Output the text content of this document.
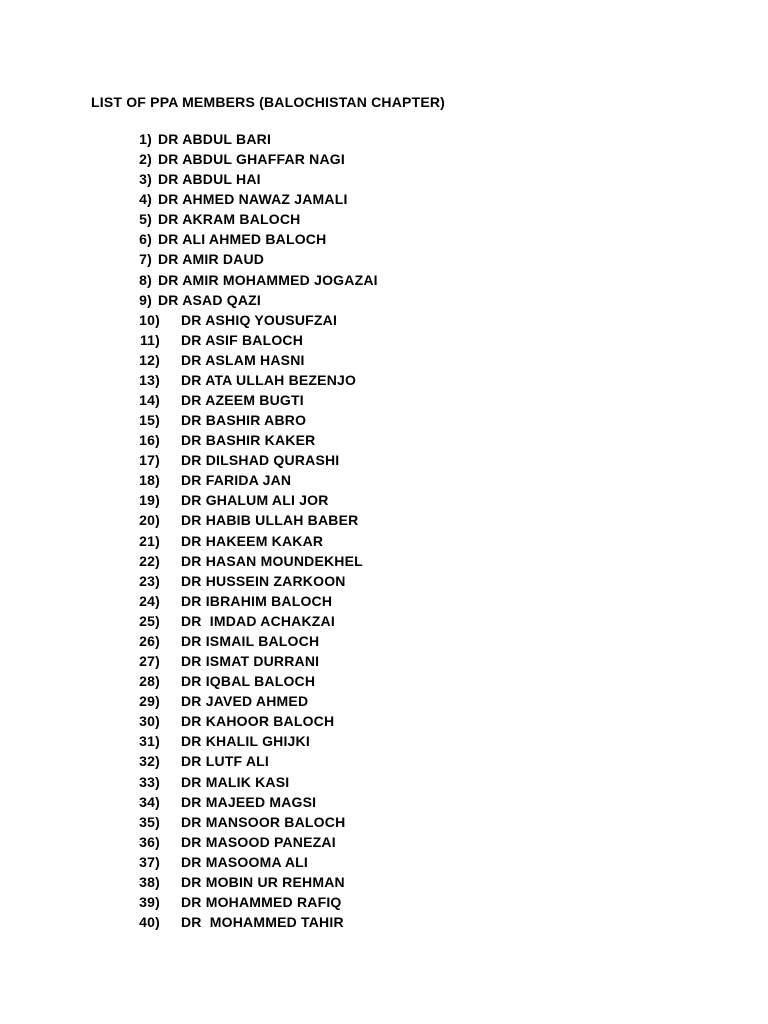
LIST OF PPA MEMBERS (BALOCHISTAN CHAPTER)
1) DR ABDUL BARI
2) DR ABDUL GHAFFAR NAGI
3) DR ABDUL HAI
4) DR AHMED NAWAZ JAMALI
5) DR AKRAM BALOCH
6) DR ALI AHMED BALOCH
7) DR AMIR DAUD
8) DR AMIR MOHAMMED JOGAZAI
9) DR ASAD QAZI
10) DR ASHIQ YOUSUFZAI
11) DR ASIF BALOCH
12) DR ASLAM HASNI
13) DR ATA ULLAH BEZENJO
14) DR AZEEM BUGTI
15) DR BASHIR ABRO
16) DR BASHIR KAKER
17) DR DILSHAD QURASHI
18) DR FARIDA JAN
19) DR GHALUM ALI JOR
20) DR HABIB ULLAH BABER
21) DR HAKEEM KAKAR
22) DR HASAN MOUNDEKHEL
23) DR HUSSEIN ZARKOON
24) DR IBRAHIM BALOCH
25) DR  IMDAD ACHAKZAI
26) DR ISMAIL BALOCH
27) DR ISMAT DURRANI
28) DR IQBAL BALOCH
29) DR JAVED AHMED
30) DR KAHOOR BALOCH
31) DR KHALIL GHIJKI
32) DR LUTF ALI
33) DR MALIK KASI
34) DR MAJEED MAGSI
35) DR MANSOOR BALOCH
36) DR MASOOD PANEZAI
37) DR MASOOMA ALI
38) DR MOBIN UR REHMAN
39) DR MOHAMMED RAFIQ
40) DR  MOHAMMED TAHIR
